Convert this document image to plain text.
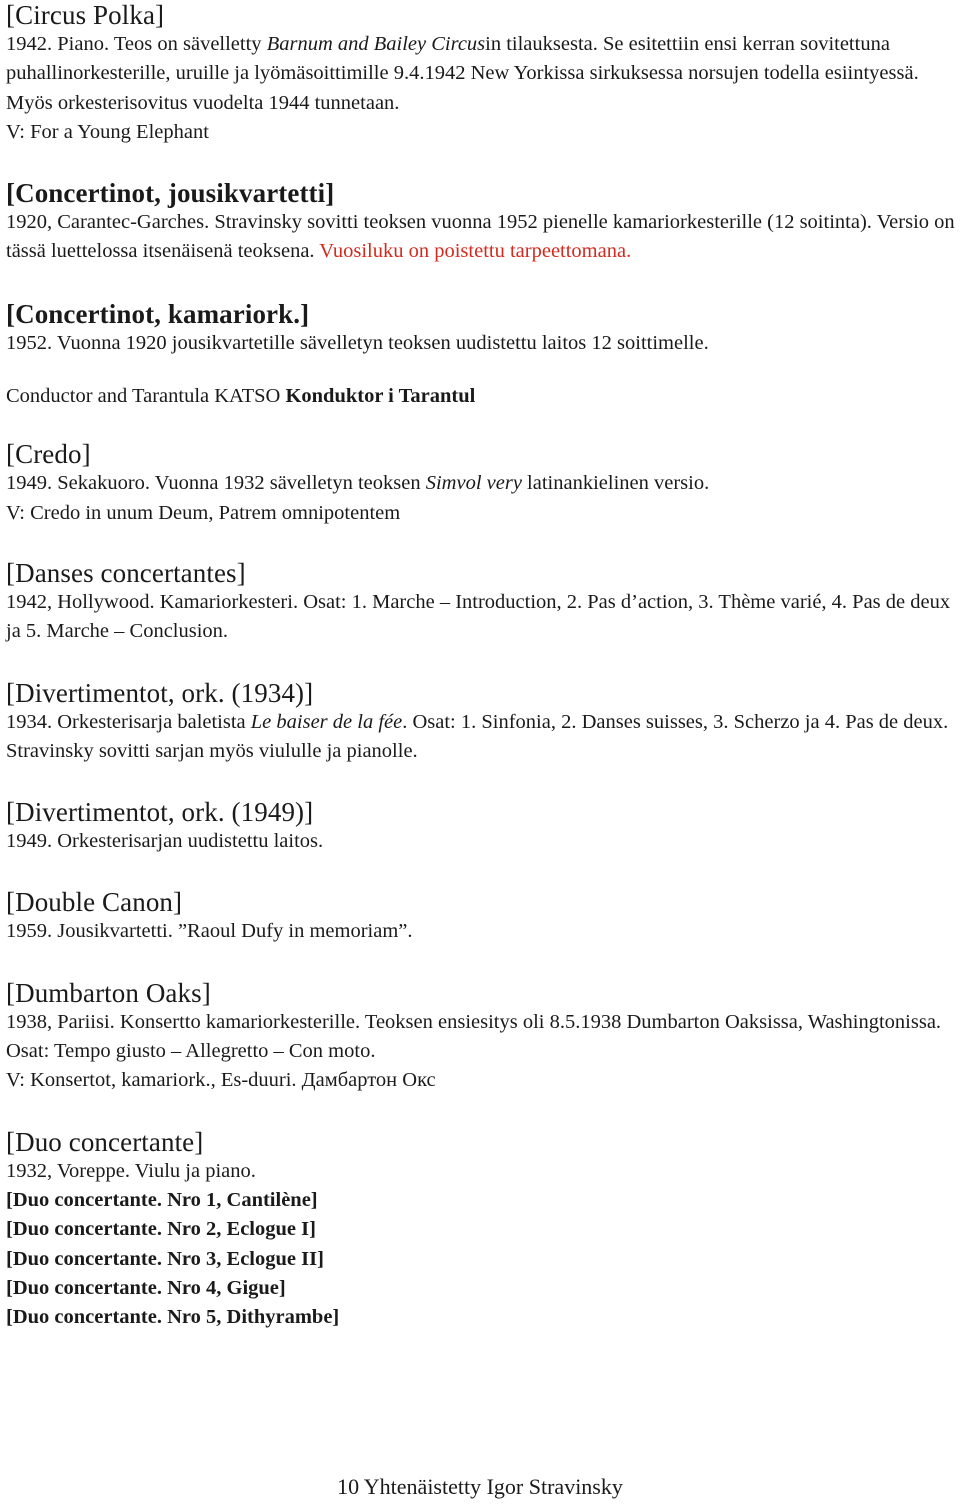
[Circus Polka]

1942. Piano. Teos on sävelletty Barnum and Bailey Circusin tilauksesta. Se esitettiin ensi kerran sovitettuna puhallinorkesterille, uruille ja lyömäsoittimille 9.4.1942 New Yorkissa sirkuksessa norsujen todella esiintyessä. Myös orkesterisovitus vuodelta 1944 tunnetaan.

V: For a Young Elephant

[Concertinot, jousikvartetti]

1920, Carantec-Garches. Stravinsky sovitti teoksen vuonna 1952 pienelle kamariorkesterille (12 soitinta). Versio on tässä luettelossa itsenäisenä teoksena. Vuosiluku on poistettu tarpeettomana.

[Concertinot, kamariork.]

1952. Vuonna 1920 jousikvartetille sävelletyn teoksen uudistettu laitos 12 soittimelle.

Conductor and Tarantula KATSO Konduktor i Tarantul

[Credo]

1949. Sekakuoro. Vuonna 1932 sävelletyn teoksen Simvol very latinankielinen versio.

V: Credo in unum Deum, Patrem omnipotentem

[Danses concertantes]

1942, Hollywood. Kamariorkesteri. Osat: 1. Marche – Introduction, 2. Pas d’action, 3. Thème varié, 4. Pas de deux ja 5. Marche – Conclusion.

[Divertimentot, ork. (1934)]

1934. Orkesterisarja baletista Le baiser de la fée. Osat: 1. Sinfonia, 2. Danses suisses, 3. Scherzo ja 4. Pas de deux. Stravinsky sovitti sarjan myös viululle ja pianolle.

[Divertimentot, ork. (1949)]

1949. Orkesterisarjan uudistettu laitos.

[Double Canon]

1959. Jousikvartetti. ”Raoul Dufy in memoriam”.

[Dumbarton Oaks]

1938, Pariisi. Konsertto kamariorkesterille. Teoksen ensiesitys oli 8.5.1938 Dumbarton Oaksissa, Washingtonissa. Osat: Tempo giusto – Allegretto – Con moto.

V: Konsertot, kamariork., Es-duuri. Дамбартон Окс

[Duo concertante]

1932, Voreppe. Viulu ja piano.

[Duo concertante. Nro 1, Cantilène]

[Duo concertante. Nro 2, Eclogue I]

[Duo concertante. Nro 3, Eclogue II]

[Duo concertante. Nro 4, Gigue]

[Duo concertante. Nro 5, Dithyrambe]

10 Yhtenäistetty Igor Stravinsky
